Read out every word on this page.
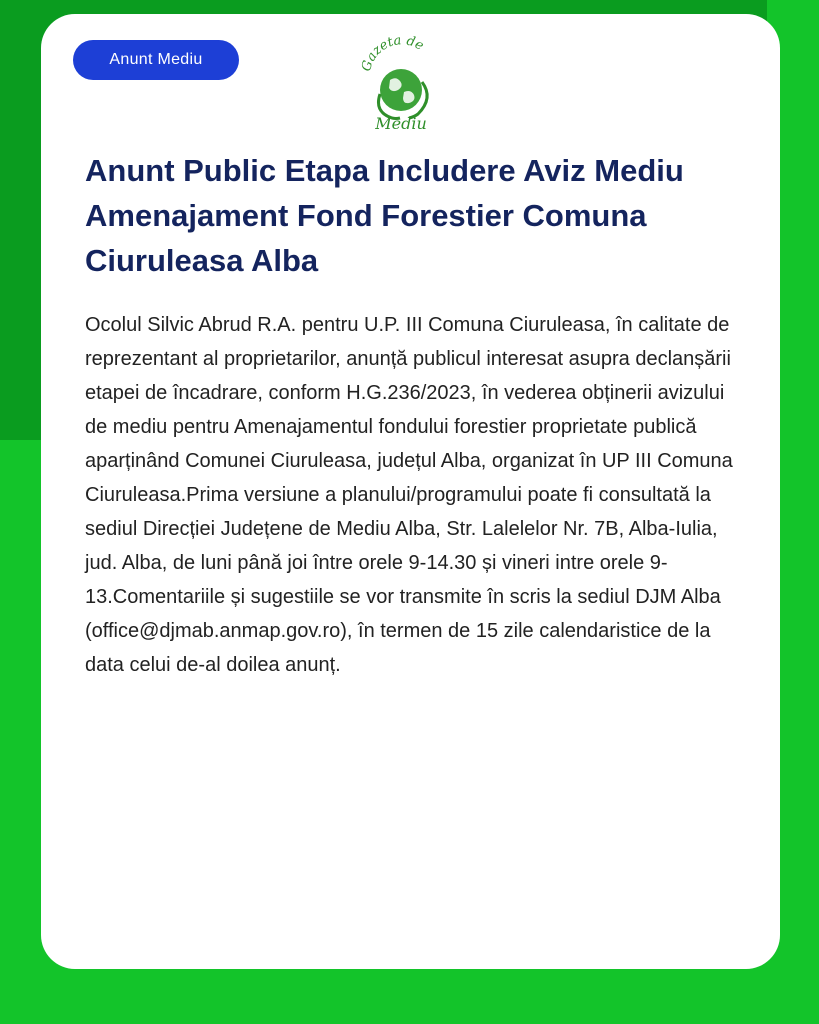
Anunt Mediu	Gazeta de
Mediu
Anunt Public Etapa Includere Aviz Mediu Amenajament Fond Forestier Comuna Ciuruleasa Alba

Ocolul Silvic Abrud R.A. pentru U.P. III Comuna Ciuruleasa, în calitate de reprezentant al proprietarilor, anunță publicul interesat asupra declanșării etapei de încadrare, conform H.G.236/2023, în vederea obținerii avizului de mediu pentru Amenajamentul fondului forestier proprietate publică aparținând Comunei Ciuruleasa, județul Alba, organizat în UP III Comuna Ciuruleasa.Prima versiune a planului/programului poate fi consultată la sediul Direcției Județene de Mediu Alba, Str. Lalelelor Nr. 7B, Alba-Iulia, jud. Alba, de luni până joi între orele 9-14.30 și vineri intre orele 9- 13.Comentariile și sugestiile se vor transmite în scris la sediul DJM Alba (office@djmab.anmap.gov.ro), în termen de 15 zile calendaristice de la data celui de-al doilea anunț.
